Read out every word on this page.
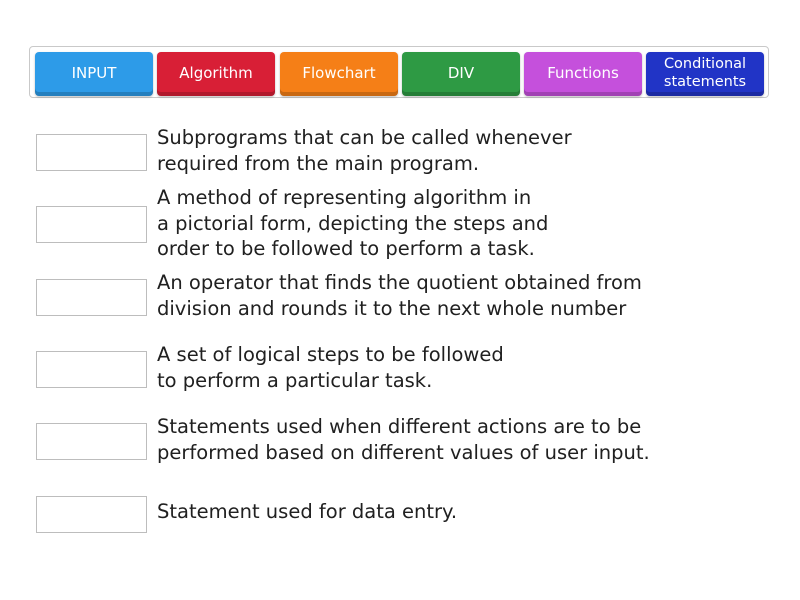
INPUT	Algorithm	Flowchart	DIV	Functions	Conditional
statements
Subprograms that can be called whenever
required from the main program.
A method of representing algorithm in
a pictorial form, depicting the steps and
order to be followed to perform a task.
An operator that finds the quotient obtained from
division and rounds it to the next whole number
A set of logical steps to be followed
to perform a particular task.
Statements used when different actions are to be
performed based on different values of user input.
Statement used for data entry.
